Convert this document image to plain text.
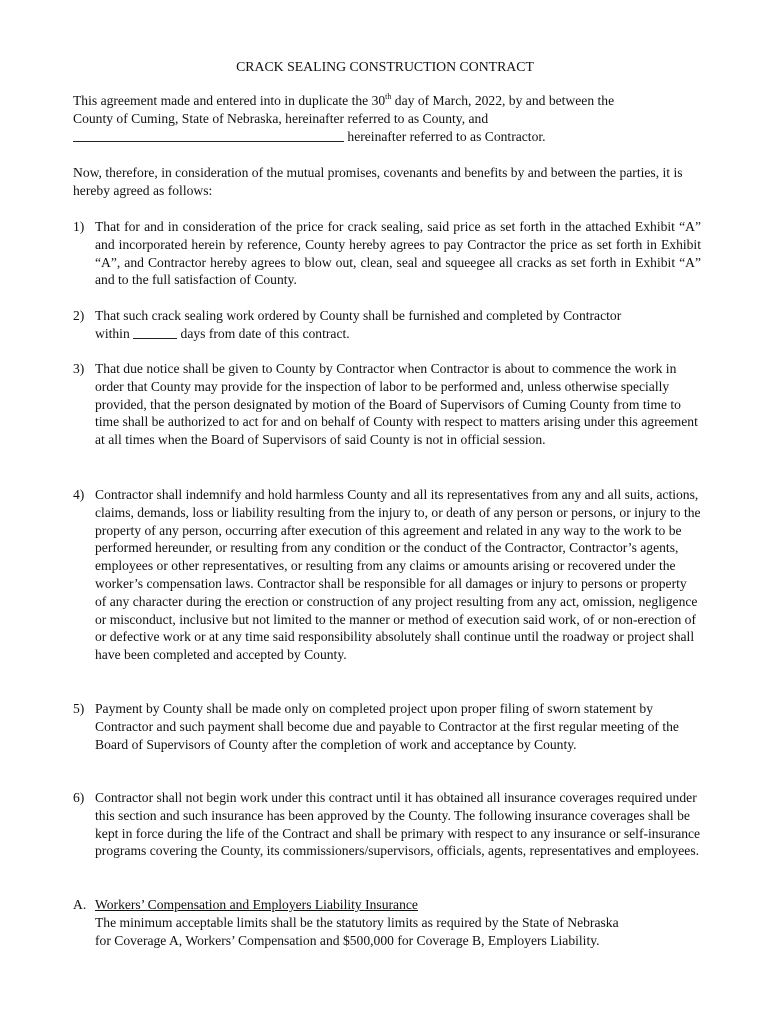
CRACK SEALING CONSTRUCTION CONTRACT
This agreement made and entered into in duplicate the 30th day of March, 2022, by and between the
County of Cuming, State of Nebraska, hereinafter referred to as County, and
hereinafter referred to as Contractor.
Now, therefore, in consideration of the mutual promises, covenants and benefits by and between the parties, it is hereby agreed as follows:
1) That for and in consideration of the price for crack sealing, said price as set forth in the attached Exhibit “A” and incorporated herein by reference, County hereby agrees to pay Contractor the price as set forth in Exhibit “A”, and Contractor hereby agrees to blow out, clean, seal and squeegee all cracks as set forth in Exhibit “A” and to the full satisfaction of County.
2) That such crack sealing work ordered by County shall be furnished and completed by Contractor
within	days from date of this contract.
3) That due notice shall be given to County by Contractor when Contractor is about to commence the work in order that County may provide for the inspection of labor to be performed and, unless otherwise specially provided, that the person designated by motion of the Board of Supervisors of Cuming County from time to time shall be authorized to act for and on behalf of County with respect to matters arising under this agreement at all times when the Board of Supervisors of said County is not in official session.
4) Contractor shall indemnify and hold harmless County and all its representatives from any and all suits, actions, claims, demands, loss or liability resulting from the injury to, or death of any person or persons, or injury to the property of any person, occurring after execution of this agreement and related in any way to the work to be performed hereunder, or resulting from any condition or the conduct of the Contractor, Contractor’s agents, employees or other representatives, or resulting from any claims or amounts arising or recovered under the worker’s compensation laws. Contractor shall be responsible for all damages or injury to persons or property of any character during the erection or construction of any project resulting from any act, omission, negligence or misconduct, inclusive but not limited to the manner or method of execution said work, of or non-erection of or defective work or at any time said responsibility absolutely shall continue until the roadway or project shall have been completed and accepted by County.
5) Payment by County shall be made only on completed project upon proper filing of sworn statement by Contractor and such payment shall become due and payable to Contractor at the first regular meeting of the Board of Supervisors of County after the completion of work and acceptance by County.
6) Contractor shall not begin work under this contract until it has obtained all insurance coverages required under this section and such insurance has been approved by the County. The following insurance coverages shall be kept in force during the life of the Contract and shall be primary with respect to any insurance or self-insurance programs covering the County, its commissioners/supervisors, officials, agents, representatives and employees.
A. Workers’ Compensation and Employers Liability Insurance
The minimum acceptable limits shall be the statutory limits as required by the State of Nebraska
for Coverage A, Workers’ Compensation and $500,000 for Coverage B, Employers Liability.
